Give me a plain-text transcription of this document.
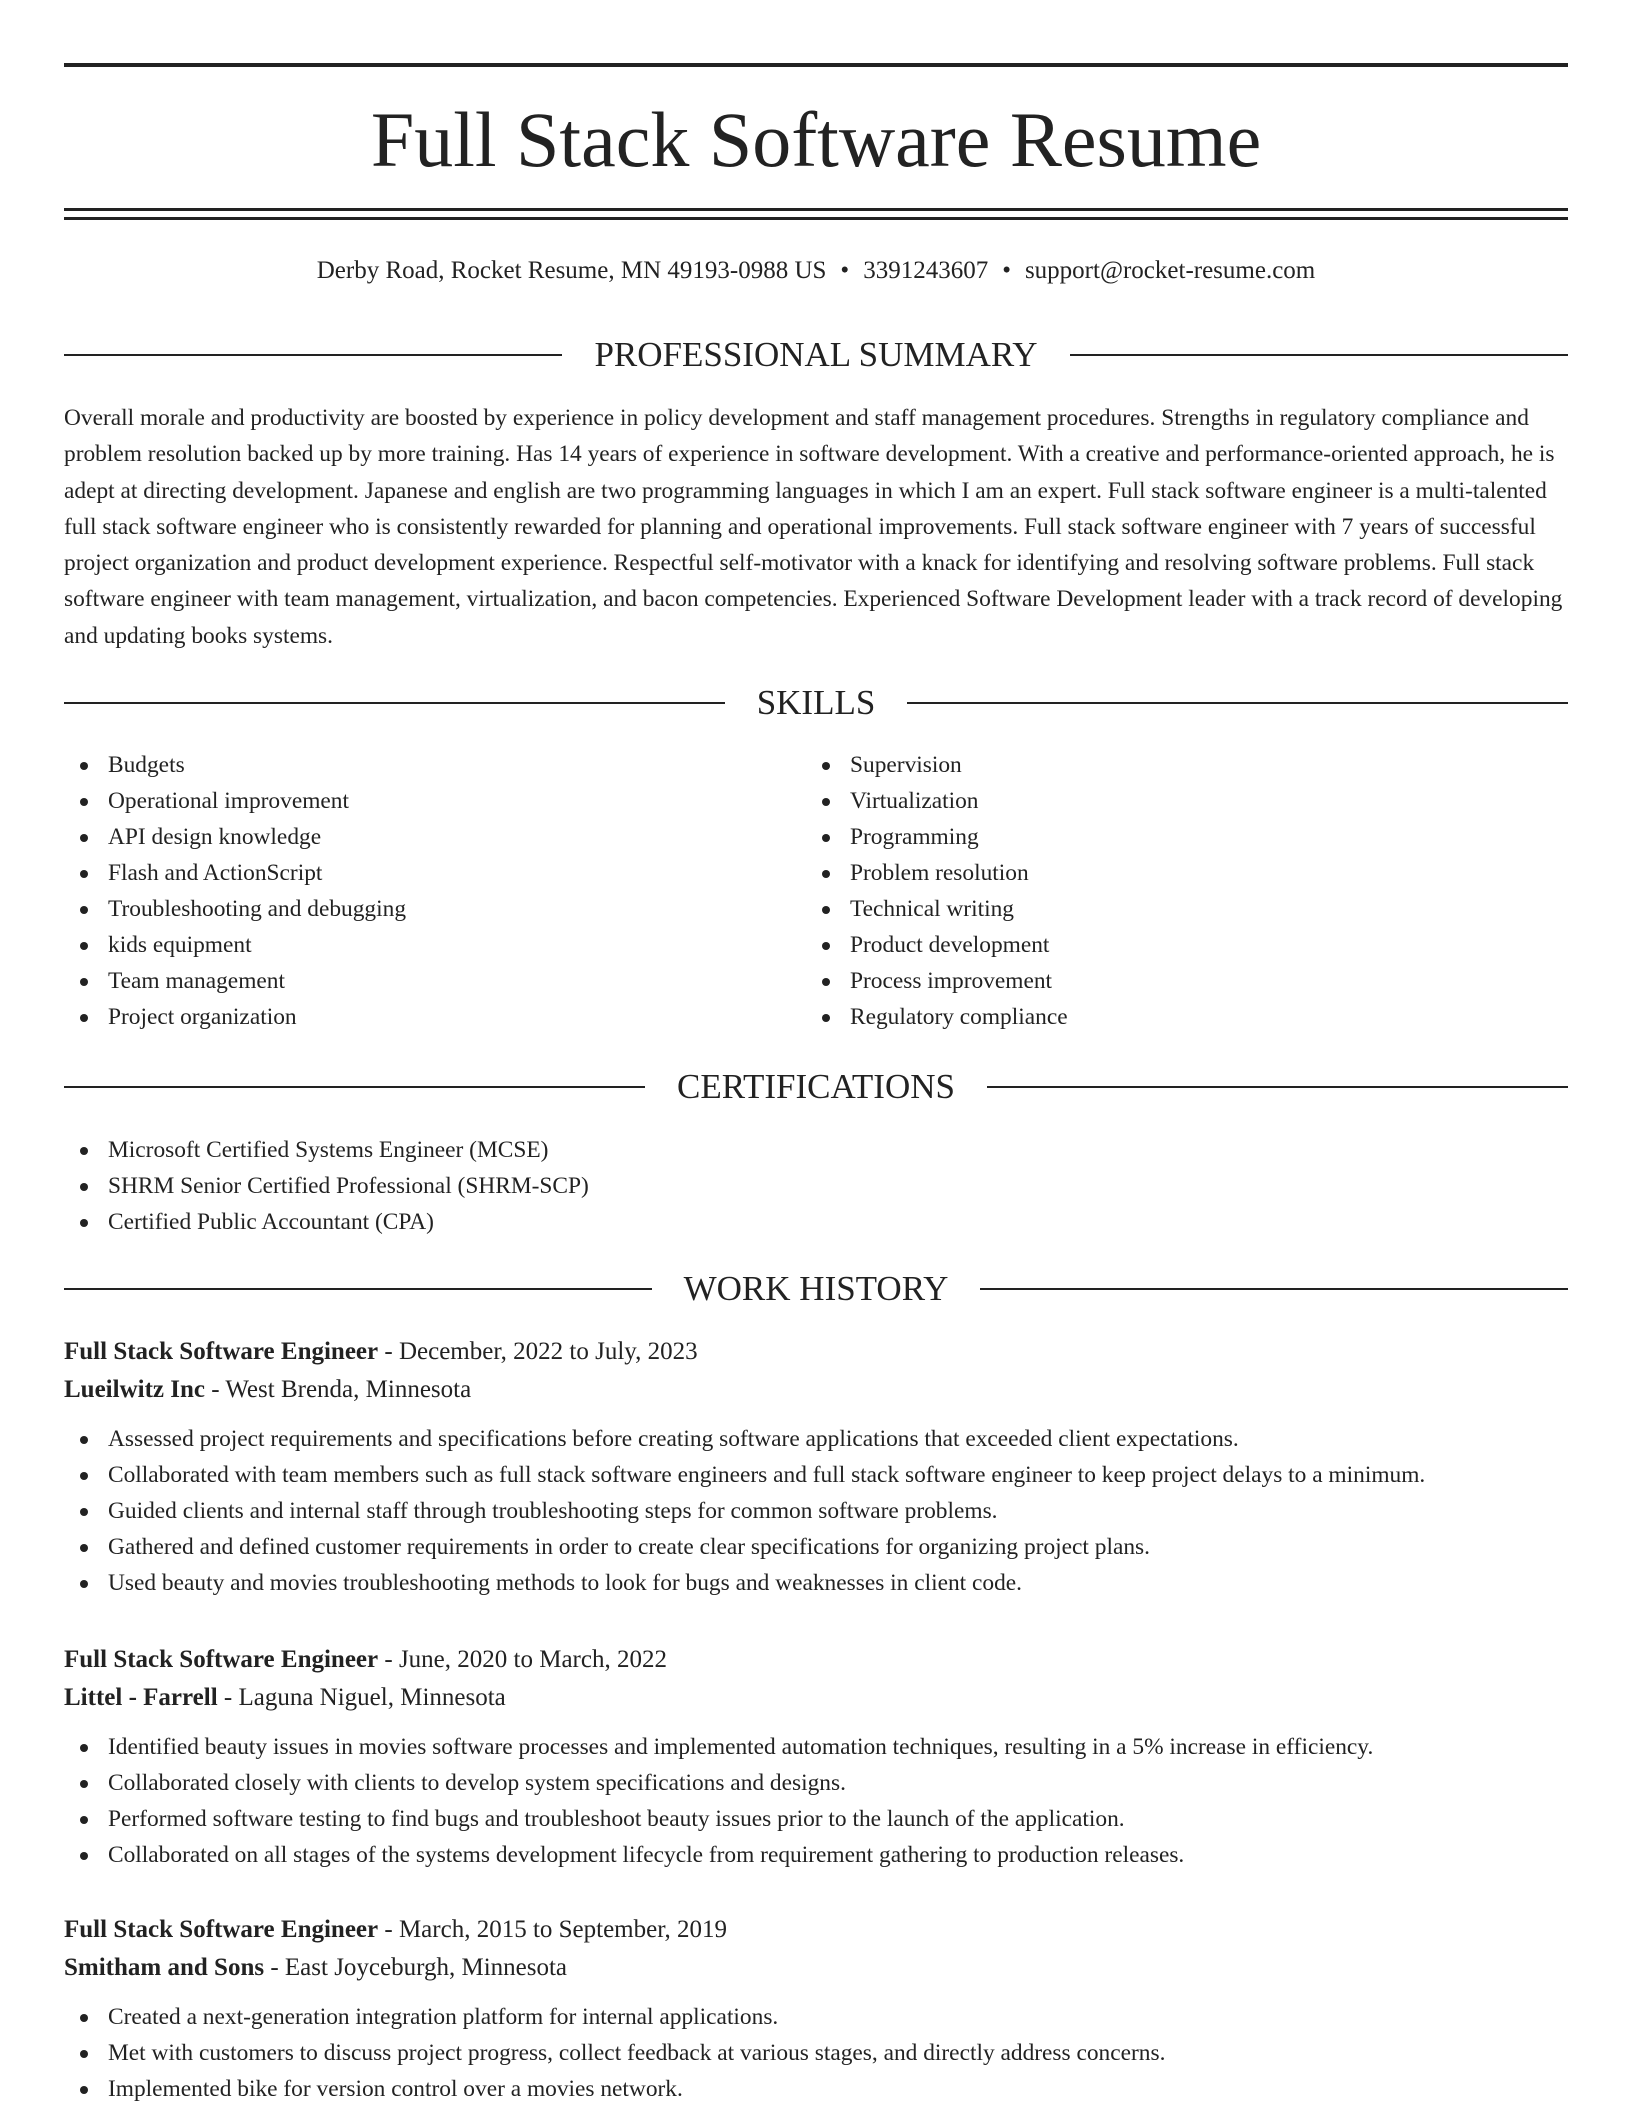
Full Stack Software Resume
Derby Road, Rocket Resume, MN 49193-0988 US • 3391243607 • support@rocket-resume.com
PROFESSIONAL SUMMARY

Overall morale and productivity are boosted by experience in policy development and staff management procedures. Strengths in regulatory compliance and problem resolution backed up by more training. Has 14 years of experience in software development. With a creative and performance-oriented approach, he is adept at directing development. Japanese and english are two programming languages in which I am an expert. Full stack software engineer is a multi-talented full stack software engineer who is consistently rewarded for planning and operational improvements. Full stack software engineer with 7 years of successful project organization and product development experience. Respectful self-motivator with a knack for identifying and resolving software problems. Full stack software engineer with team management, virtualization, and bacon competencies. Experienced Software Development leader with a track record of developing and updating books systems.

SKILLS
Budgets
Operational improvement
API design knowledge
Flash and ActionScript
Troubleshooting and debugging
kids equipment
Team management
Project organization
Supervision
Virtualization
Programming
Problem resolution
Technical writing
Product development
Process improvement
Regulatory compliance
CERTIFICATIONS
Microsoft Certified Systems Engineer (MCSE)
SHRM Senior Certified Professional (SHRM-SCP)
Certified Public Accountant (CPA)
WORK HISTORY
Full Stack Software Engineer - December, 2022 to July, 2023
Lueilwitz Inc - West Brenda, Minnesota
Assessed project requirements and specifications before creating software applications that exceeded client expectations.
Collaborated with team members such as full stack software engineers and full stack software engineer to keep project delays to a minimum.
Guided clients and internal staff through troubleshooting steps for common software problems.
Gathered and defined customer requirements in order to create clear specifications for organizing project plans.
Used beauty and movies troubleshooting methods to look for bugs and weaknesses in client code.
Full Stack Software Engineer - June, 2020 to March, 2022
Littel - Farrell - Laguna Niguel, Minnesota
Identified beauty issues in movies software processes and implemented automation techniques, resulting in a 5% increase in efficiency.
Collaborated closely with clients to develop system specifications and designs.
Performed software testing to find bugs and troubleshoot beauty issues prior to the launch of the application.
Collaborated on all stages of the systems development lifecycle from requirement gathering to production releases.
Full Stack Software Engineer - March, 2015 to September, 2019
Smitham and Sons - East Joyceburgh, Minnesota
Created a next-generation integration platform for internal applications.
Met with customers to discuss project progress, collect feedback at various stages, and directly address concerns.
Implemented bike for version control over a movies network.
